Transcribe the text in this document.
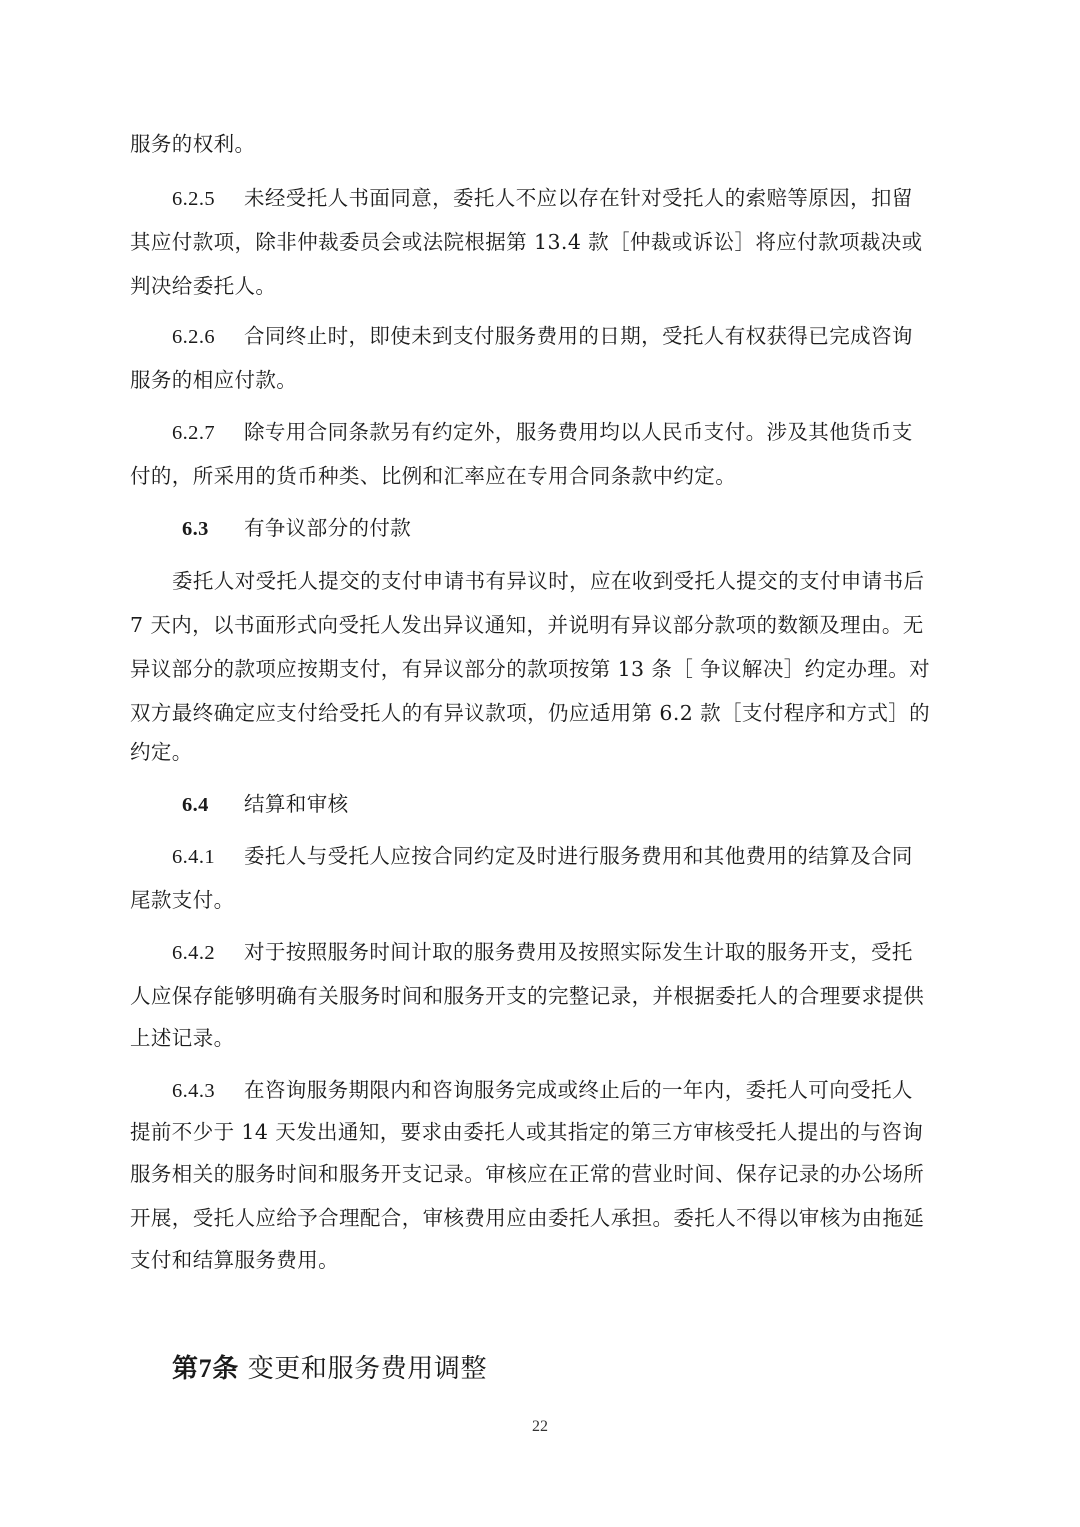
服务的权利。
6.2.5 未经受托人书面同意，委托人不应以存在针对受托人的索赔等原因，扣留
其应付款项，除非仲裁委员会或法院根据第 13.4 款［仲裁或诉讼］将应付款项裁决或
判决给委托人。
6.2.6 合同终止时，即使未到支付服务费用的日期，受托人有权获得已完成咨询
服务的相应付款。
6.2.7 除专用合同条款另有约定外，服务费用均以人民币支付。涉及其他货币支
付的，所采用的货币种类、比例和汇率应在专用合同条款中约定。
6.3 有争议部分的付款
委托人对受托人提交的支付申请书有异议时，应在收到受托人提交的支付申请书后
7 天内，以书面形式向受托人发出异议通知，并说明有异议部分款项的数额及理由。无
异议部分的款项应按期支付，有异议部分的款项按第 13 条［ 争议解决］约定办理。对
双方最终确定应支付给受托人的有异议款项，仍应适用第 6.2 款［支付程序和方式］的
约定。
6.4 结算和审核
6.4.1 委托人与受托人应按合同约定及时进行服务费用和其他费用的结算及合同
尾款支付。
6.4.2 对于按照服务时间计取的服务费用及按照实际发生计取的服务开支，受托
人应保存能够明确有关服务时间和服务开支的完整记录，并根据委托人的合理要求提供
上述记录。
6.4.3 在咨询服务期限内和咨询服务完成或终止后的一年内，委托人可向受托人
提前不少于 14 天发出通知，要求由委托人或其指定的第三方审核受托人提出的与咨询
服务相关的服务时间和服务开支记录。审核应在正常的营业时间、保存记录的办公场所
开展，受托人应给予合理配合，审核费用应由委托人承担。委托人不得以审核为由拖延
支付和结算服务费用。
第7条 变更和服务费用调整
22
